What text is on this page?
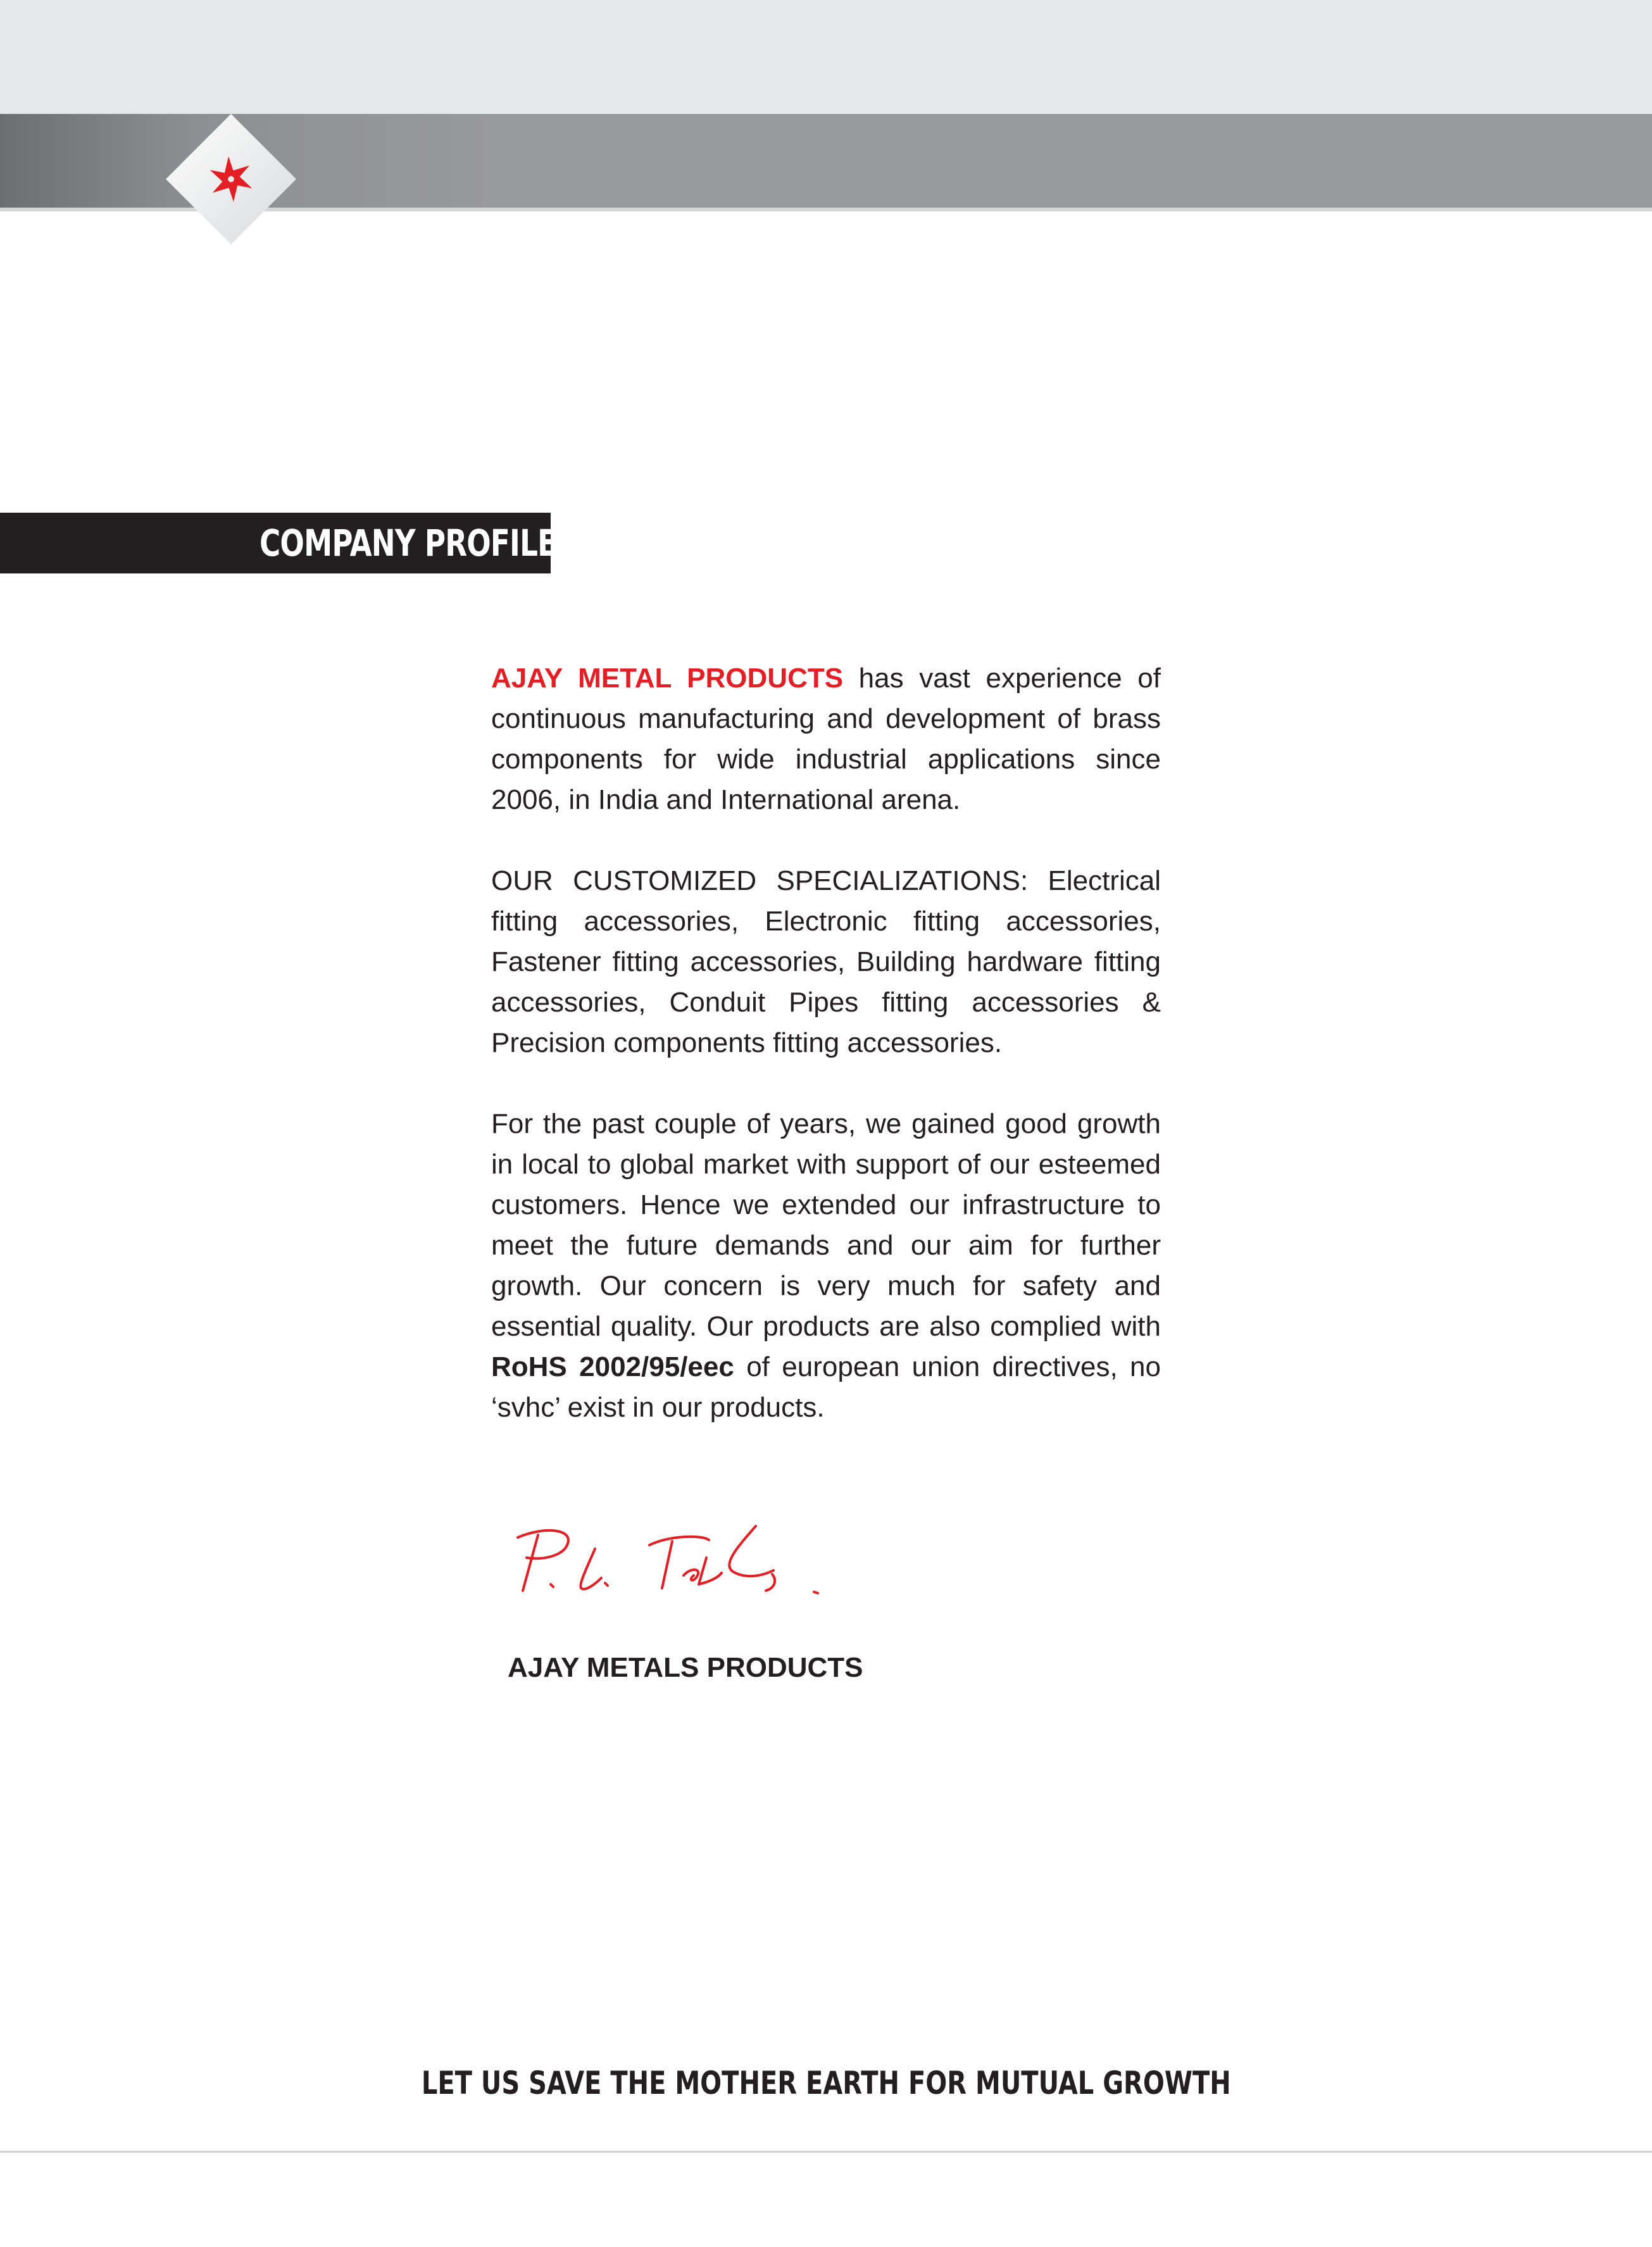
COMPANY PROFILE

AJAY METAL PRODUCTS has vast experience of continuous manufacturing and development of brass components for wide industrial applications since 2006, in India and International arena.

OUR CUSTOMIZED SPECIALIZATIONS: Electrical fitting accessories, Electronic fitting accessories, Fastener fitting accessories, Building hardware fitting accessories, Conduit Pipes fitting accessories & Precision components fitting accessories.

For the past couple of years, we gained good growth in local to global market with support of our esteemed customers. Hence we extended our infrastructure to meet the future demands and our aim for further growth. Our concern is very much for safety and essential quality. Our products are also complied with RoHS 2002/95/eec of european union directives, no ‘svhc’ exist in our products.

AJAY METALS PRODUCTS
LET US SAVE THE MOTHER EARTH FOR MUTUAL GROWTH
